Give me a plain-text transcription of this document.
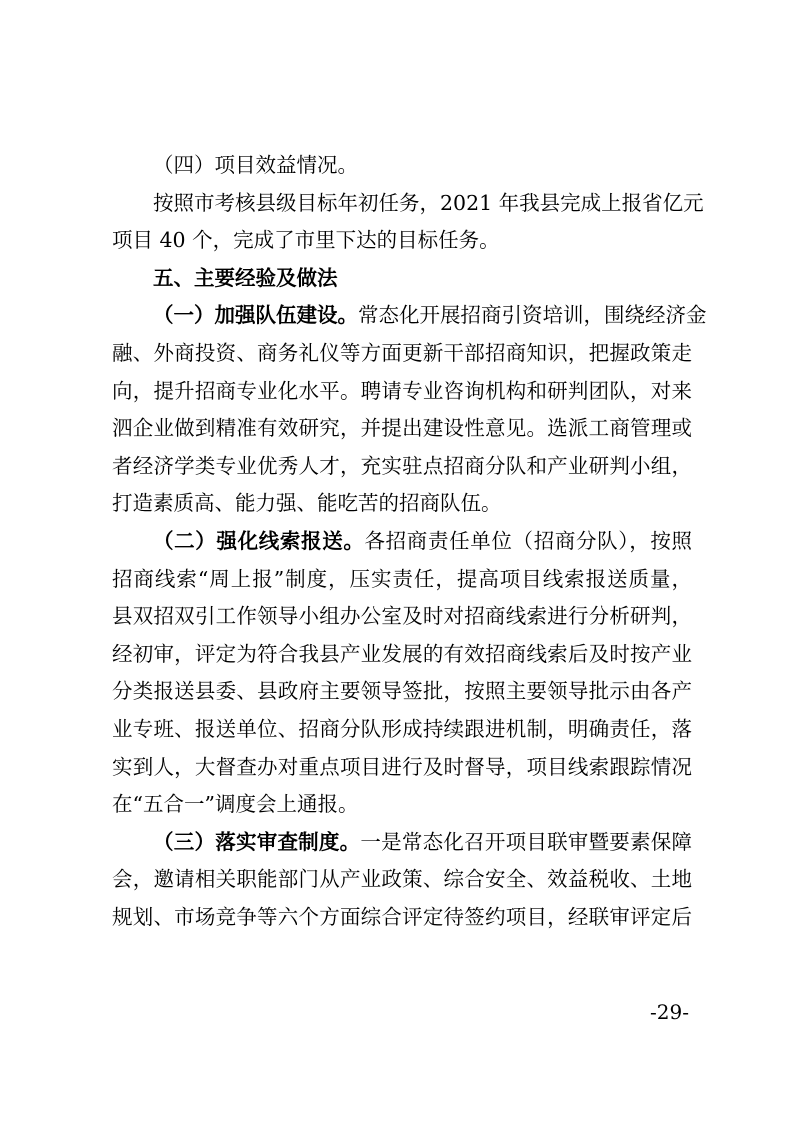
（四）项目效益情况。
按照市考核县级目标年初任务，2021 年我县完成上报省亿元
项目 40 个，完成了市里下达的目标任务。
五、主要经验及做法
（一）加强队伍建设。常态化开展招商引资培训，围绕经济金
融、外商投资、商务礼仪等方面更新干部招商知识，把握政策走
向，提升招商专业化水平。聘请专业咨询机构和研判团队，对来
泗企业做到精准有效研究，并提出建设性意见。选派工商管理或
者经济学类专业优秀人才，充实驻点招商分队和产业研判小组，
打造素质高、能力强、能吃苦的招商队伍。
（二）强化线索报送。各招商责任单位（招商分队），按照
招商线索“周上报”制度，压实责任，提高项目线索报送质量，
县双招双引工作领导小组办公室及时对招商线索进行分析研判，
经初审，评定为符合我县产业发展的有效招商线索后及时按产业
分类报送县委、县政府主要领导签批，按照主要领导批示由各产
业专班、报送单位、招商分队形成持续跟进机制，明确责任，落
实到人，大督查办对重点项目进行及时督导，项目线索跟踪情况
在“五合一”调度会上通报。
（三）落实审查制度。一是常态化召开项目联审暨要素保障
会，邀请相关职能部门从产业政策、综合安全、效益税收、土地
规划、市场竞争等六个方面综合评定待签约项目，经联审评定后
-29-
